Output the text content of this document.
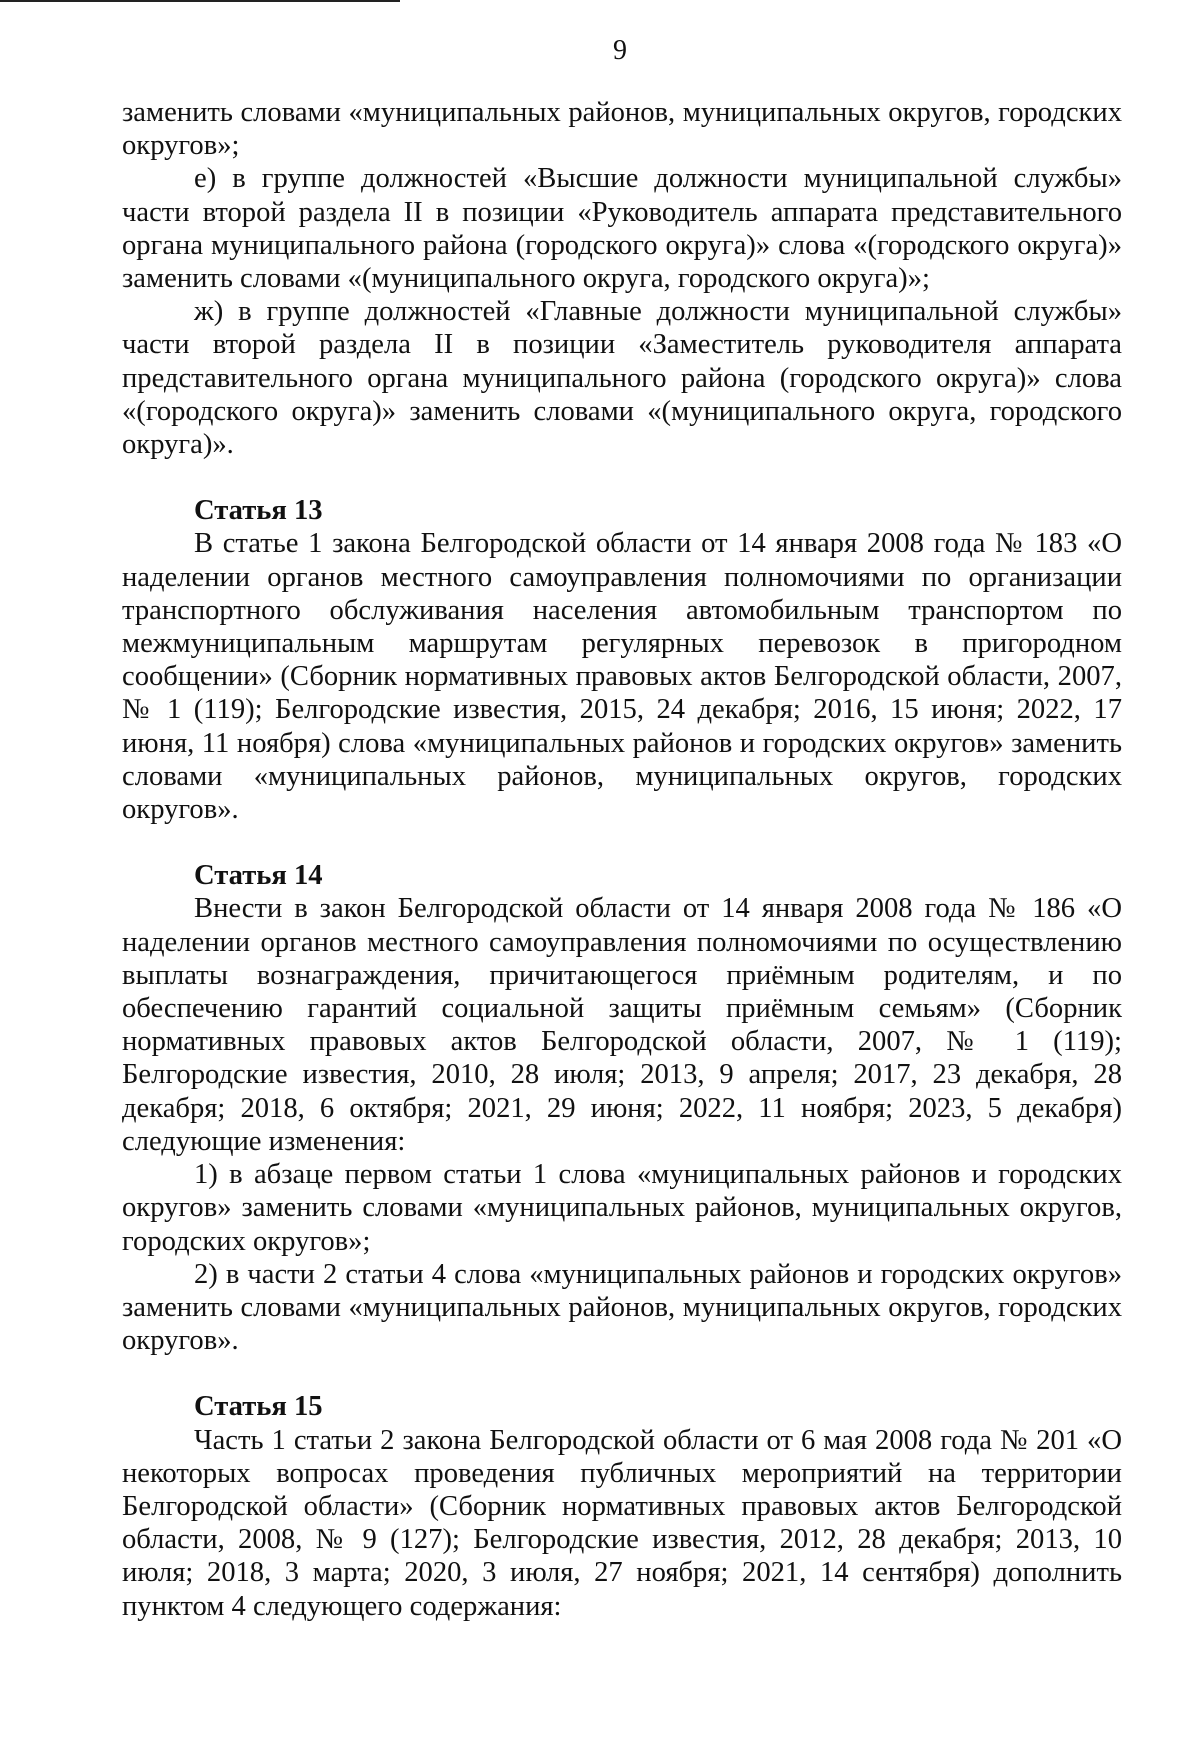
9

заменить словами «муниципальных районов, муниципальных округов, городских округов»;

е) в группе должностей «Высшие должности муниципальной службы» части второй раздела II в позиции «Руководитель аппарата представительного органа муниципального района (городского округа)» слова «(городского округа)» заменить словами «(муниципального округа, городского округа)»;

ж) в группе должностей «Главные должности муниципальной службы» части второй раздела II в позиции «Заместитель руководителя аппарата представительного органа муниципального района (городского округа)» слова «(городского округа)» заменить словами «(муниципального округа, городского округа)».

Статья 13

В статье 1 закона Белгородской области от 14 января 2008 года № 183 «О наделении органов местного самоуправления полномочиями по организации транспортного обслуживания населения автомобильным транспортом по межмуниципальным маршрутам регулярных перевозок в пригородном сообщении» (Сборник нормативных правовых актов Белгородской области, 2007, № 1 (119); Белгородские известия, 2015, 24 декабря; 2016, 15 июня; 2022, 17 июня, 11 ноября) слова «муниципальных районов и городских округов» заменить словами «муниципальных районов, муниципальных округов, городских округов».

Статья 14

Внести в закон Белгородской области от 14 января 2008 года № 186 «О наделении органов местного самоуправления полномочиями по осуществлению выплаты вознаграждения, причитающегося приёмным родителям, и по обеспечению гарантий социальной защиты приёмным семьям» (Сборник нормативных правовых актов Белгородской области, 2007, № 1 (119); Белгородские известия, 2010, 28 июля; 2013, 9 апреля; 2017, 23 декабря, 28 декабря; 2018, 6 октября; 2021, 29 июня; 2022, 11 ноября; 2023, 5 декабря) следующие изменения:

1) в абзаце первом статьи 1 слова «муниципальных районов и городских округов» заменить словами «муниципальных районов, муниципальных округов, городских округов»;

2) в части 2 статьи 4 слова «муниципальных районов и городских округов» заменить словами «муниципальных районов, муниципальных округов, городских округов».

Статья 15

Часть 1 статьи 2 закона Белгородской области от 6 мая 2008 года № 201 «О некоторых вопросах проведения публичных мероприятий на территории Белгородской области» (Сборник нормативных правовых актов Белгородской области, 2008, № 9 (127); Белгородские известия, 2012, 28 декабря; 2013, 10 июля; 2018, 3 марта; 2020, 3 июля, 27 ноября; 2021, 14 сентября) дополнить пунктом 4 следующего содержания:
